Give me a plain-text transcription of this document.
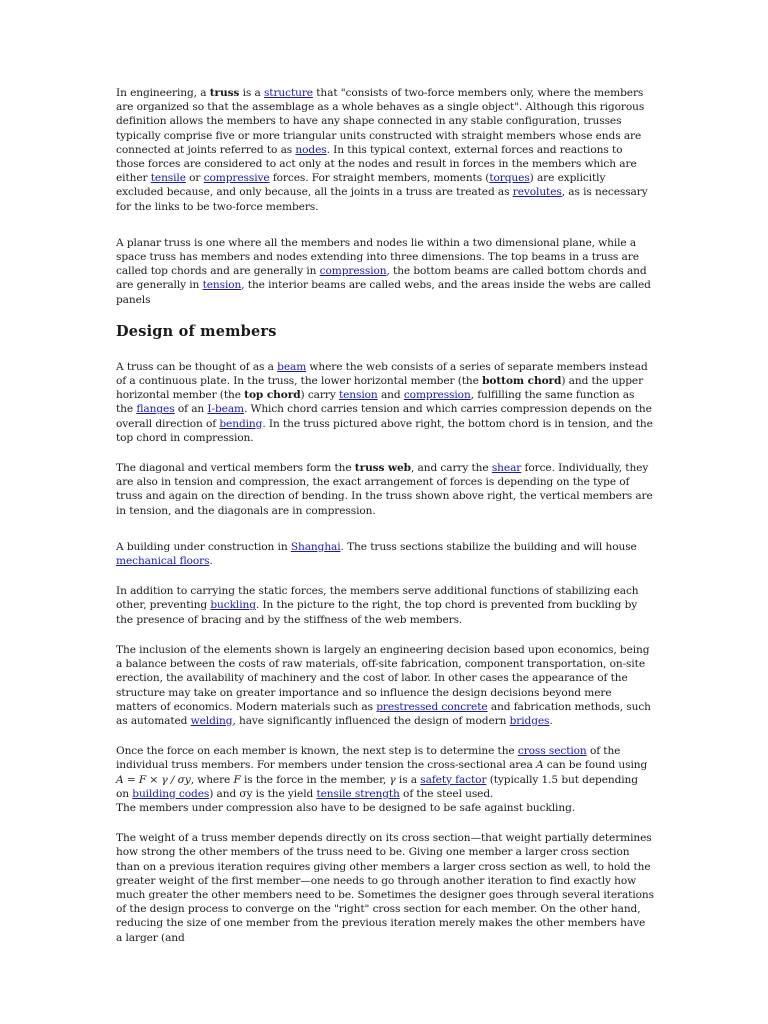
In engineering, a truss is a structure that "consists of two-force members only, where the members are organized so that the assemblage as a whole behaves as a single object". Although this rigorous definition allows the members to have any shape connected in any stable configuration, trusses typically comprise five or more triangular units constructed with straight members whose ends are connected at joints referred to as nodes. In this typical context, external forces and reactions to those forces are considered to act only at the nodes and result in forces in the members which are either tensile or compressive forces. For straight members, moments (torques) are explicitly excluded because, and only because, all the joints in a truss are treated as revolutes, as is necessary for the links to be two-force members.

A planar truss is one where all the members and nodes lie within a two dimensional plane, while a space truss has members and nodes extending into three dimensions. The top beams in a truss are called top chords and are generally in compression, the bottom beams are called bottom chords and are generally in tension, the interior beams are called webs, and the areas inside the webs are called panels

Design of members

A truss can be thought of as a beam where the web consists of a series of separate members instead of a continuous plate. In the truss, the lower horizontal member (the bottom chord) and the upper horizontal member (the top chord) carry tension and compression, fulfilling the same function as the flanges of an I-beam. Which chord carries tension and which carries compression depends on the overall direction of bending. In the truss pictured above right, the bottom chord is in tension, and the top chord in compression.

The diagonal and vertical members form the truss web, and carry the shear force. Individually, they are also in tension and compression, the exact arrangement of forces is depending on the type of truss and again on the direction of bending. In the truss shown above right, the vertical members are in tension, and the diagonals are in compression.

A building under construction in Shanghai. The truss sections stabilize the building and will house mechanical floors.

In addition to carrying the static forces, the members serve additional functions of stabilizing each other, preventing buckling. In the picture to the right, the top chord is prevented from buckling by the presence of bracing and by the stiffness of the web members.

The inclusion of the elements shown is largely an engineering decision based upon economics, being a balance between the costs of raw materials, off-site fabrication, component transportation, on-site erection, the availability of machinery and the cost of labor. In other cases the appearance of the structure may take on greater importance and so influence the design decisions beyond mere matters of economics. Modern materials such as prestressed concrete and fabrication methods, such as automated welding, have significantly influenced the design of modern bridges.

Once the force on each member is known, the next step is to determine the cross section of the individual truss members. For members under tension the cross-sectional area A can be found using A = F × γ / σy, where F is the force in the member, γ is a safety factor (typically 1.5 but depending on building codes) and σy is the yield tensile strength of the steel used.
The members under compression also have to be designed to be safe against buckling.

The weight of a truss member depends directly on its cross section—that weight partially determines how strong the other members of the truss need to be. Giving one member a larger cross section than on a previous iteration requires giving other members a larger cross section as well, to hold the greater weight of the first member—one needs to go through another iteration to find exactly how much greater the other members need to be. Sometimes the designer goes through several iterations of the design process to converge on the "right" cross section for each member. On the other hand, reducing the size of one member from the previous iteration merely makes the other members have a larger (and
